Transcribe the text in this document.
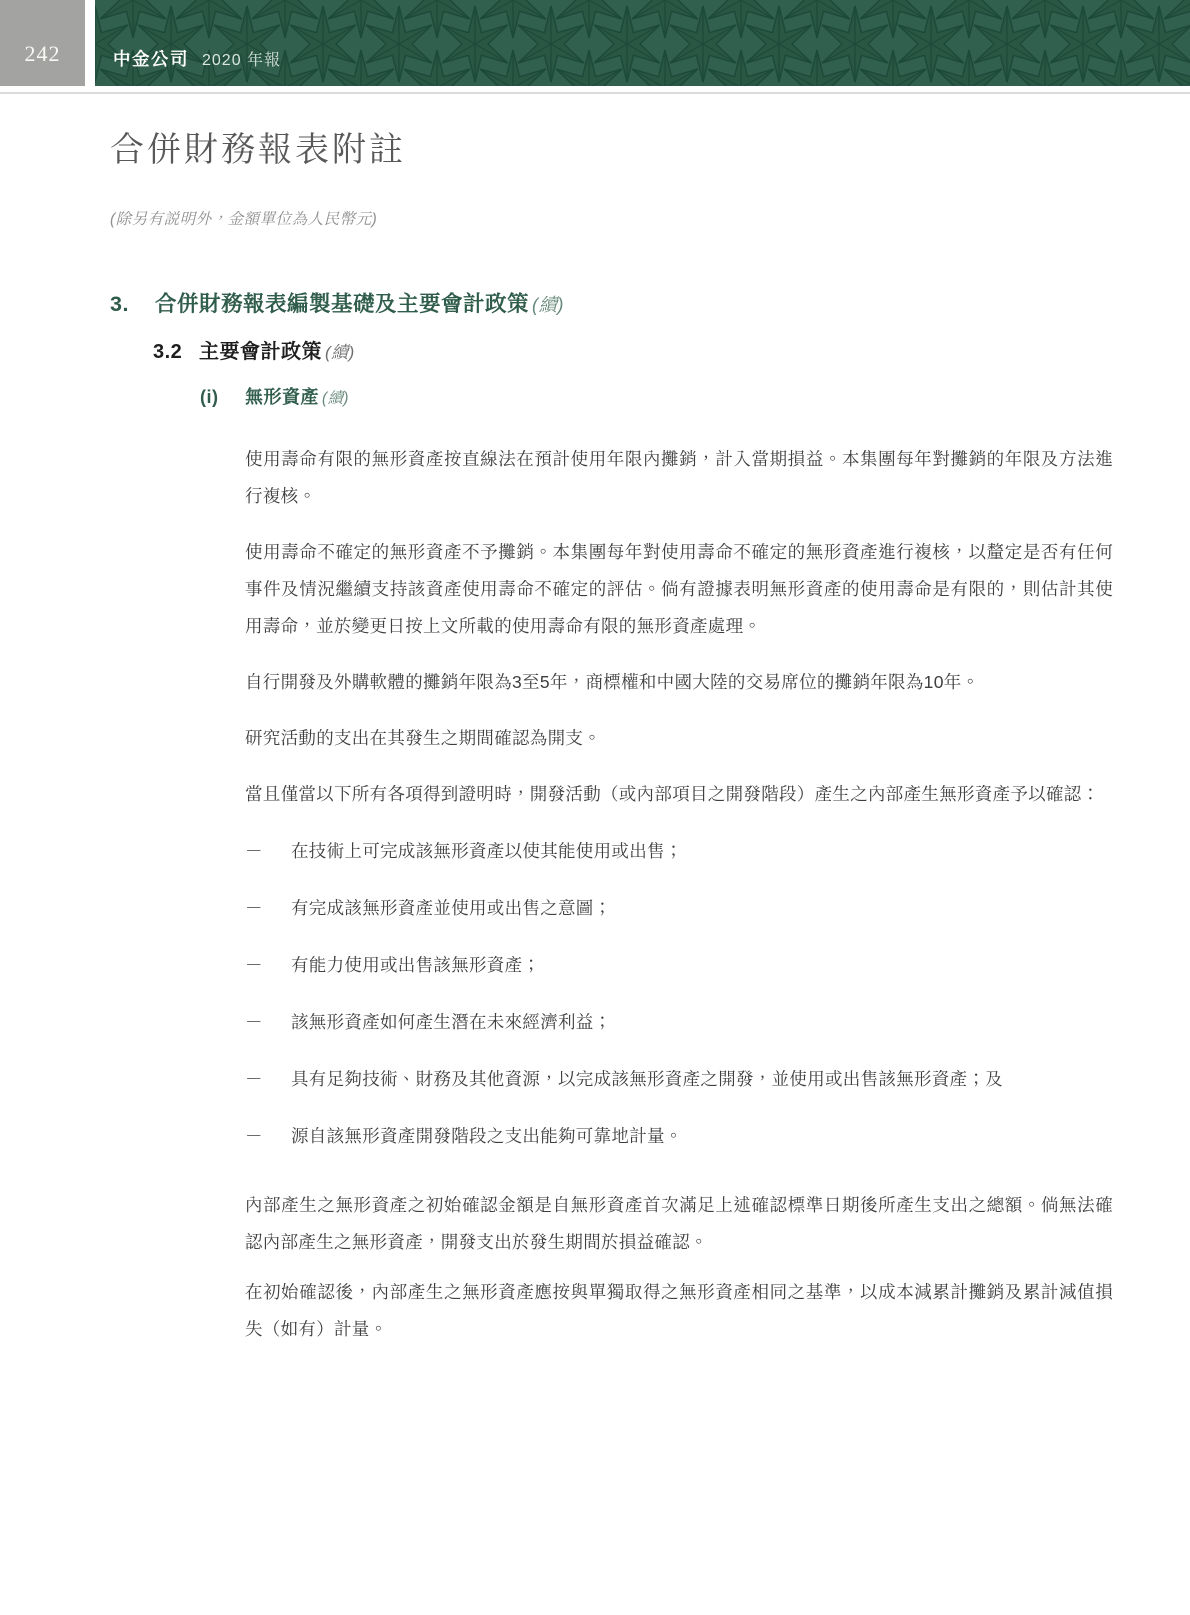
242	中金公司 2020 年報
合併財務報表附註
(除另有説明外，金額單位為人民幣元)
3.	合併財務報表編製基礎及主要會計政策 (續)
3.2 主要會計政策 (續)
(i)	無形資產 (續)
使用壽命有限的無形資產按直線法在預計使用年限內攤銷，計入當期損益。本集團每年對攤銷的年限及方法進行複核。
使用壽命不確定的無形資產不予攤銷。本集團每年對使用壽命不確定的無形資產進行複核，以釐定是否有任何事件及情況繼續支持該資產使用壽命不確定的評估。倘有證據表明無形資產的使用壽命是有限的，則估計其使用壽命，並於變更日按上文所載的使用壽命有限的無形資產處理。
自行開發及外購軟體的攤銷年限為3至5年，商標權和中國大陸的交易席位的攤銷年限為10年。
研究活動的支出在其發生之期間確認為開支。
當且僅當以下所有各項得到證明時，開發活動（或內部項目之開發階段）產生之內部產生無形資產予以確認：
－	在技術上可完成該無形資產以使其能使用或出售；
－	有完成該無形資產並使用或出售之意圖；
－	有能力使用或出售該無形資產；
－	該無形資產如何產生潛在未來經濟利益；
－	具有足夠技術、財務及其他資源，以完成該無形資產之開發，並使用或出售該無形資產；及
－	源自該無形資產開發階段之支出能夠可靠地計量。
內部產生之無形資產之初始確認金額是自無形資產首次滿足上述確認標準日期後所產生支出之總額。倘無法確認內部產生之無形資產，開發支出於發生期間於損益確認。
在初始確認後，內部產生之無形資產應按與單獨取得之無形資產相同之基準，以成本減累計攤銷及累計減值損失（如有）計量。
